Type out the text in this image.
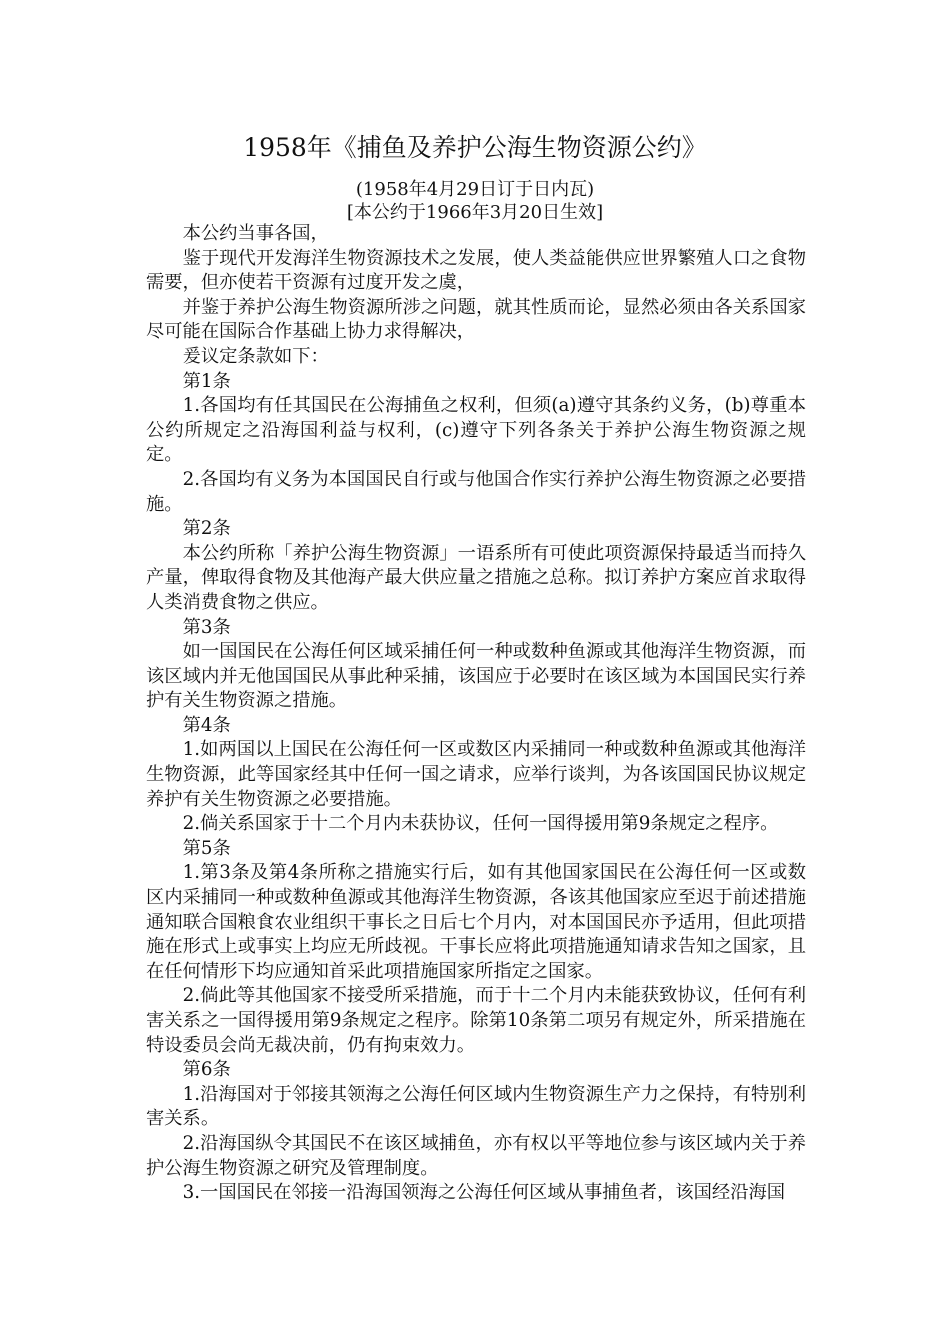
1958年《捕鱼及养护公海生物资源公约》
(1958年4月29日订于日内瓦)
[本公约于1966年3月20日生效]

本公约当事各国，

鉴于现代开发海洋生物资源技术之发展，使人类益能供应世界繁殖人口之食物需要，但亦使若干资源有过度开发之虞，

并鉴于养护公海生物资源所涉之问题，就其性质而论，显然必须由各关系国家尽可能在国际合作基础上协力求得解决，

爰议定条款如下：

第1条

1.各国均有任其国民在公海捕鱼之权利，但须(a)遵守其条约义务，(b)尊重本公约所规定之沿海国利益与权利，(c)遵守下列各条关于养护公海生物资源之规定。

2.各国均有义务为本国国民自行或与他国合作实行养护公海生物资源之必要措施。

第2条

本公约所称「养护公海生物资源」一语系所有可使此项资源保持最适当而持久产量，俾取得食物及其他海产最大供应量之措施之总称。拟订养护方案应首求取得人类消费食物之供应。

第3条

如一国国民在公海任何区域采捕任何一种或数种鱼源或其他海洋生物资源，而该区域内并无他国国民从事此种采捕，该国应于必要时在该区域为本国国民实行养护有关生物资源之措施。

第4条

1.如两国以上国民在公海任何一区或数区内采捕同一种或数种鱼源或其他海洋生物资源，此等国家经其中任何一国之请求，应举行谈判，为各该国国民协议规定养护有关生物资源之必要措施。

2.倘关系国家于十二个月内未获协议，任何一国得援用第9条规定之程序。

第5条

1.第3条及第4条所称之措施实行后，如有其他国家国民在公海任何一区或数区内采捕同一种或数种鱼源或其他海洋生物资源，各该其他国家应至迟于前述措施通知联合国粮食农业组织干事长之日后七个月内，对本国国民亦予适用，但此项措施在形式上或事实上均应无所歧视。干事长应将此项措施通知请求告知之国家，且在任何情形下均应通知首采此项措施国家所指定之国家。

2.倘此等其他国家不接受所采措施，而于十二个月内未能获致协议，任何有利害关系之一国得援用第9条规定之程序。除第10条第二项另有规定外，所采措施在特设委员会尚无裁决前，仍有拘束效力。

第6条

1.沿海国对于邻接其领海之公海任何区域内生物资源生产力之保持，有特别利害关系。

2.沿海国纵令其国民不在该区域捕鱼，亦有权以平等地位参与该区域内关于养护公海生物资源之研究及管理制度。

3.一国国民在邻接一沿海国领海之公海任何区域从事捕鱼者，该国经沿海国
